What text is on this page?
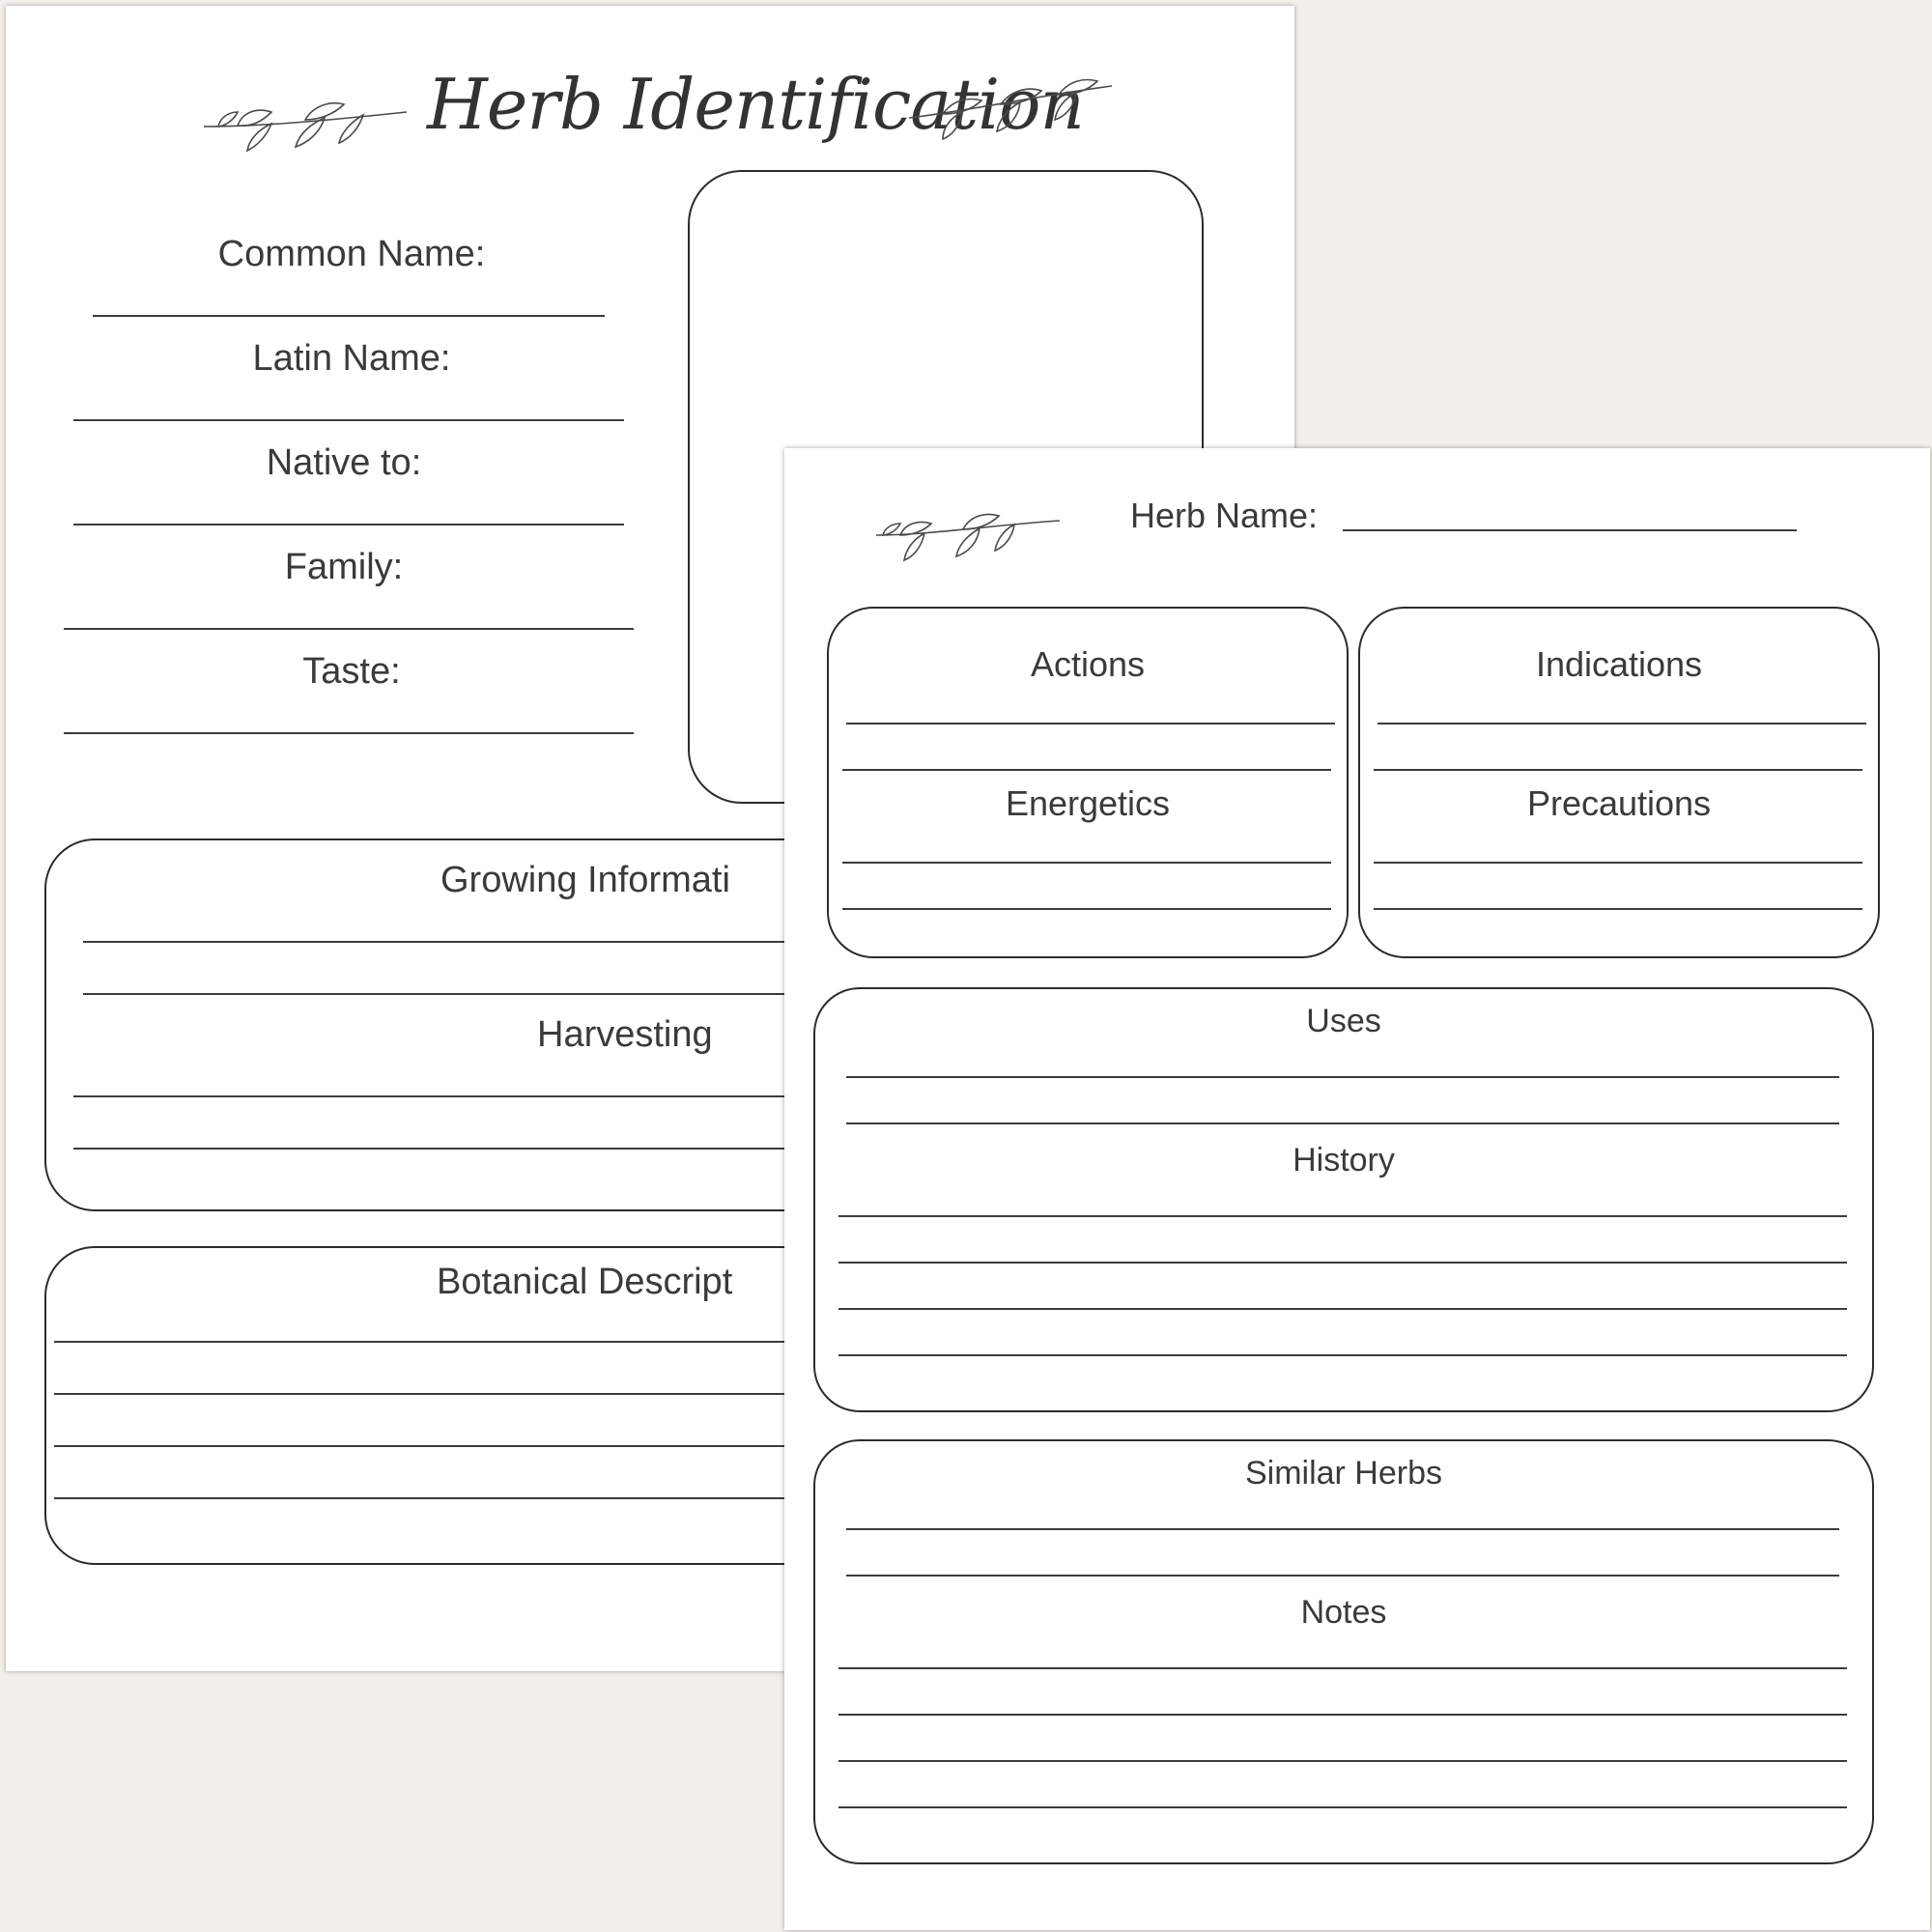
Herb Identification
Common Name:
Latin Name:
Native to:
Family:
Taste:
Growing Informati
Harvesting
Botanical Descript
Herb Name:
Actions
Energetics
Indications
Precautions
Uses
History
Similar Herbs
Notes
